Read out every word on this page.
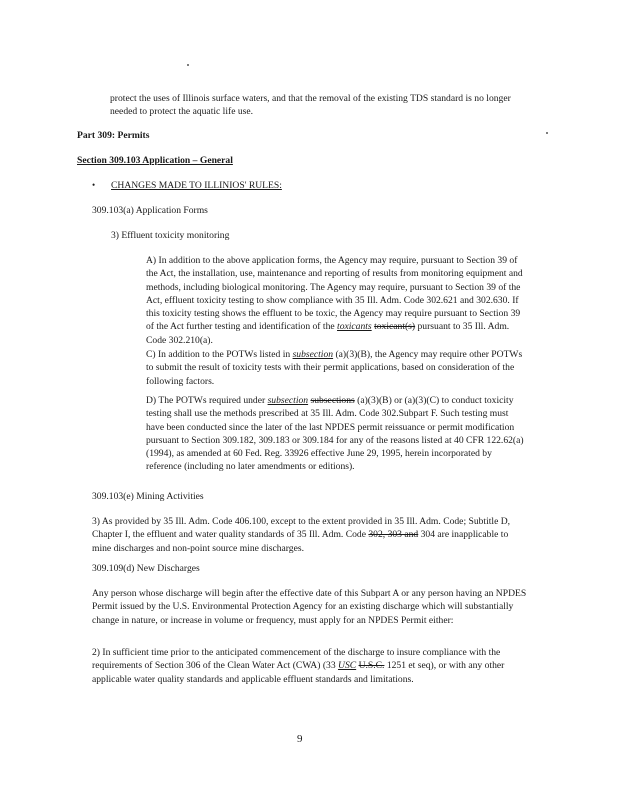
protect the uses of Illinois surface waters, and that the removal of the existing TDS standard is no longer needed to protect the aquatic life use.

Part 309: Permits

Section 309.103 Application – General

• CHANGES MADE TO ILLINIOS' RULES:

309.103(a) Application Forms

3) Effluent toxicity monitoring

A) In addition to the above application forms, the Agency may require, pursuant to Section 39 of the Act, the installation, use, maintenance and reporting of results from monitoring equipment and methods, including biological monitoring. The Agency may require, pursuant to Section 39 of the Act, effluent toxicity testing to show compliance with 35 Ill. Adm. Code 302.621 and 302.630. If this toxicity testing shows the effluent to be toxic, the Agency may require pursuant to Section 39 of the Act further testing and identification of the toxicants toxicant(s) pursuant to 35 Ill. Adm. Code 302.210(a).

C) In addition to the POTWs listed in subsection (a)(3)(B), the Agency may require other POTWs to submit the result of toxicity tests with their permit applications, based on consideration of the following factors.

D) The POTWs required under subsection subsections (a)(3)(B) or (a)(3)(C) to conduct toxicity testing shall use the methods prescribed at 35 Ill. Adm. Code 302.Subpart F. Such testing must have been conducted since the later of the last NPDES permit reissuance or permit modification pursuant to Section 309.182, 309.183 or 309.184 for any of the reasons listed at 40 CFR 122.62(a) (1994), as amended at 60 Fed. Reg. 33926 effective June 29, 1995, herein incorporated by reference (including no later amendments or editions).

309.103(e) Mining Activities

3) As provided by 35 Ill. Adm. Code 406.100, except to the extent provided in 35 Ill. Adm. Code; Subtitle D, Chapter I, the effluent and water quality standards of 35 Ill. Adm. Code 302, 303 and 304 are inapplicable to mine discharges and non-point source mine discharges.

309.109(d) New Discharges

Any person whose discharge will begin after the effective date of this Subpart A or any person having an NPDES Permit issued by the U.S. Environmental Protection Agency for an existing discharge which will substantially change in nature, or increase in volume or frequency, must apply for an NPDES Permit either:

2) In sufficient time prior to the anticipated commencement of the discharge to insure compliance with the requirements of Section 306 of the Clean Water Act (CWA) (33 USC U.S.C. 1251 et seq), or with any other applicable water quality standards and applicable effluent standards and limitations.

9
